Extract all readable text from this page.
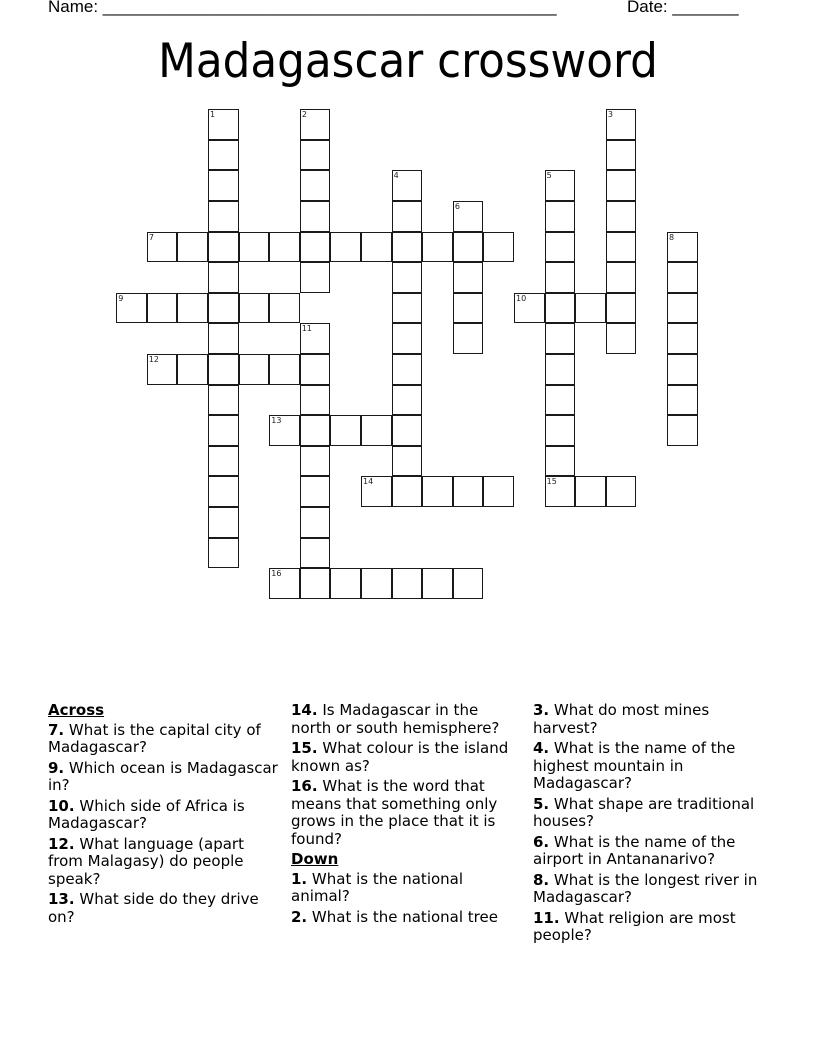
Name: ________________________________________________	Date: _______
Madagascar crossword
1	2	3
4	5
15
6
7	8
9	10
11
12
13
14
16
Across
7. What is the capital city of Madagascar?
9. Which ocean is Madagascar in?
10. Which side of Africa is Madagascar?
12. What language (apart from Malagasy) do people speak?
13. What side do they drive on?
14. Is Madagascar in the north or south hemisphere?
15. What colour is the island known as?
16. What is the word that means that something only grows in the place that it is found?
Down
1. What is the national animal?
2. What is the national tree
3. What do most mines harvest?
4. What is the name of the highest mountain in Madagascar?
5. What shape are traditional houses?
6. What is the name of the airport in Antananarivo?
8. What is the longest river in Madagascar?
11. What religion are most people?
